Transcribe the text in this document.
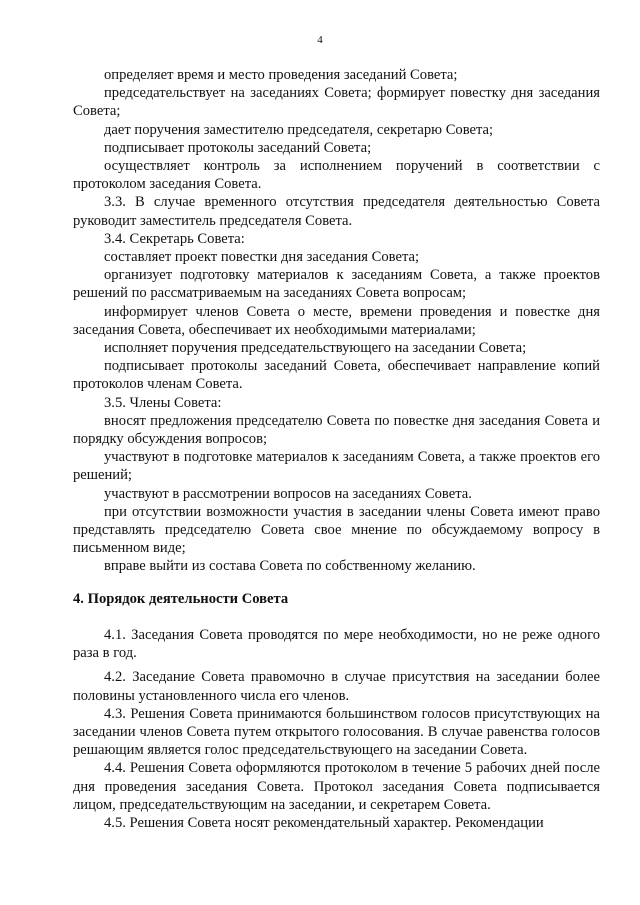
4

определяет время и место проведения заседаний Совета;

председательствует на заседаниях Совета; формирует повестку дня заседания Совета;

дает поручения заместителю председателя, секретарю Совета;

подписывает протоколы заседаний Совета;

осуществляет контроль за исполнением поручений в соответствии с протоколом заседания Совета.

3.3. В случае временного отсутствия председателя деятельностью Совета руководит заместитель председателя Совета.

3.4. Секретарь Совета:

составляет проект повестки дня заседания Совета;

организует подготовку материалов к заседаниям Совета, а также проектов решений по рассматриваемым на заседаниях Совета вопросам;

информирует членов Совета о месте, времени проведения и повестке дня заседания Совета, обеспечивает их необходимыми материалами;

исполняет поручения председательствующего на заседании Совета;

подписывает протоколы заседаний Совета, обеспечивает направление копий протоколов членам Совета.

3.5. Члены Совета:

вносят предложения председателю Совета по повестке дня заседания Совета и порядку обсуждения вопросов;

участвуют в подготовке материалов к заседаниям Совета, а также проектов его решений;

участвуют в рассмотрении вопросов на заседаниях Совета.

при отсутствии возможности участия в заседании члены Совета имеют право представлять председателю Совета свое мнение по обсуждаемому вопросу в письменном виде;

вправе выйти из состава Совета по собственному желанию.

4. Порядок деятельности Совета

4.1. Заседания Совета проводятся по мере необходимости, но не реже одного раза в год.

4.2. Заседание Совета правомочно в случае присутствия на заседании более половины установленного числа его членов.

4.3. Решения Совета принимаются большинством голосов присутствующих на заседании членов Совета путем открытого голосования. В случае равенства голосов решающим является голос председательствующего на заседании Совета.

4.4. Решения Совета оформляются протоколом в течение 5 рабочих дней после дня проведения заседания Совета. Протокол заседания Совета подписывается лицом, председательствующим на заседании, и секретарем Совета.

4.5. Решения Совета носят рекомендательный характер. Рекомендации
